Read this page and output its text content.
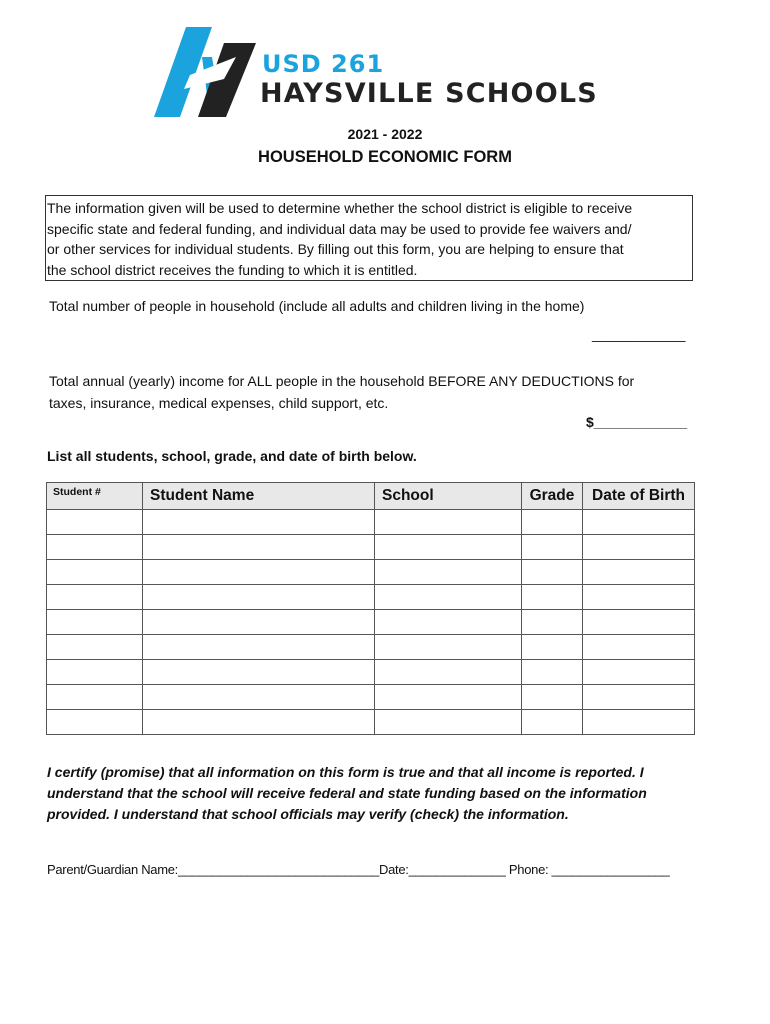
USD 261
HAYSVILLE SCHOOLS
2021 - 2022
HOUSEHOLD ECONOMIC FORM
The information given will be used to determine whether the school district is eligible to receive
specific state and federal funding, and individual data may be used to provide fee waivers and/
or other services for individual students. By filling out this form, you are helping to ensure that
the school district receives the funding to which it is entitled.
Total number of people in household (include all adults and children living in the home)
____________
Total annual (yearly) income for ALL people in the household BEFORE ANY DEDUCTIONS for
taxes, insurance, medical expenses, child support, etc.
$____________
List all students, school, grade, and date of birth below.
Student #	Student Name	School	Grade	Date of Birth

I certify (promise) that all information on this form is true and that all income is reported. I
understand that the school will receive federal and state funding based on the information
provided. I understand that school officials may verify (check) the information.
Parent/Guardian Name:_____________________________Date:______________ Phone: _________________
